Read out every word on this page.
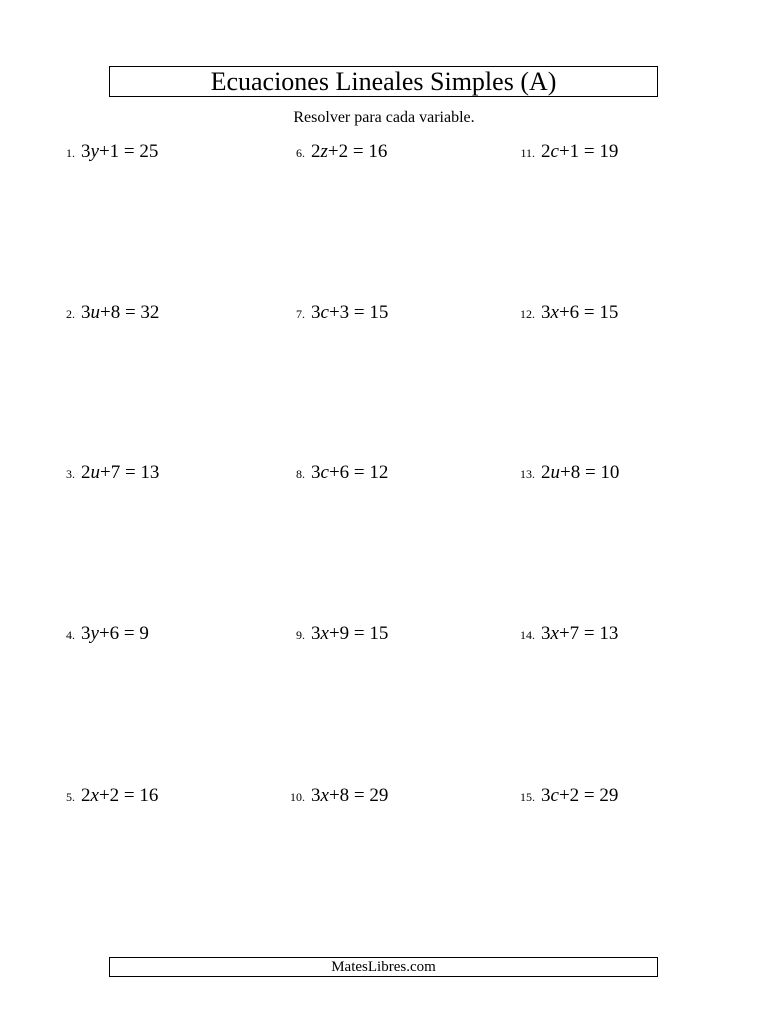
Ecuaciones Lineales Simples (A)
Resolver para cada variable.
1. 3y+1 = 25
2. 3u+8 = 32
3. 2u+7 = 13
4. 3y+6 = 9
5. 2x+2 = 16
6. 2z+2 = 16
7. 3c+3 = 15
8. 3c+6 = 12
9. 3x+9 = 15
10. 3x+8 = 29
11. 2c+1 = 19
12. 3x+6 = 15
13. 2u+8 = 10
14. 3x+7 = 13
15. 3c+2 = 29
MatesLibres.com
